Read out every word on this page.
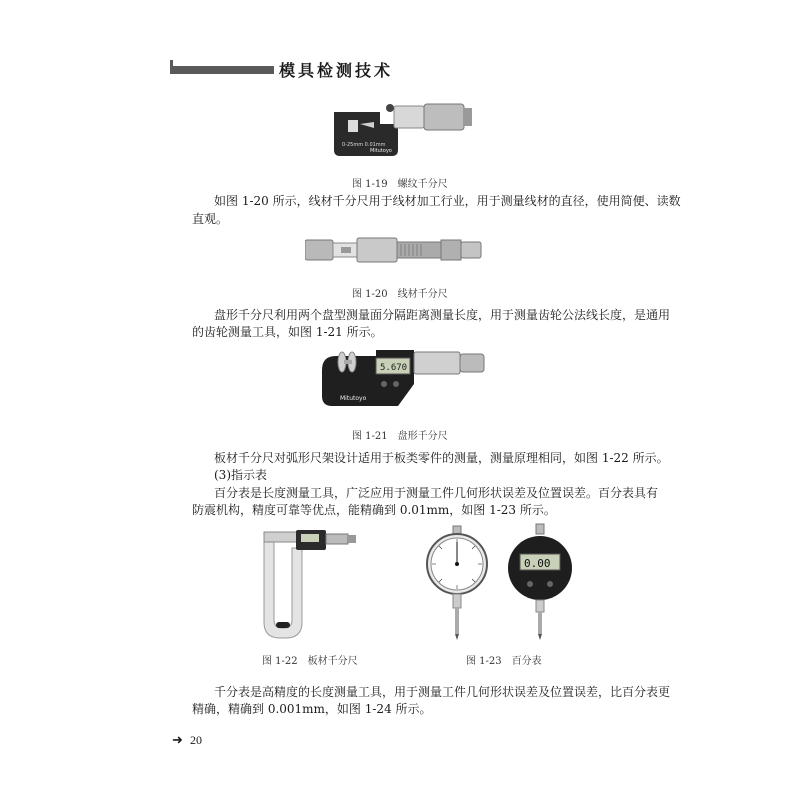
模具检测技术
0-25mm 0.01mm
Mitutoyo
图 1-19　螺纹千分尺
如图 1-20 所示，线材千分尺用于线材加工行业，用于测量线材的直径，使用简便、读数
直观。
图 1-20　线材千分尺
盘形千分尺利用两个盘型测量面分隔距离测量长度，用于测量齿轮公法线长度，是通用
的齿轮测量工具，如图 1-21 所示。
5.670
Mitutoyo
图 1-21　盘形千分尺
板材千分尺对弧形尺架设计适用于板类零件的测量，测量原理相同，如图 1-22 所示。
(3)指示表
百分表是长度测量工具，广泛应用于测量工件几何形状误差及位置误差。百分表具有
防震机构，精度可靠等优点，能精确到 0.01mm，如图 1-23 所示。
图 1-22　板材千分尺
0.00
图 1-23　百分表
千分表是高精度的长度测量工具，用于测量工件几何形状误差及位置误差，比百分表更
精确，精确到 0.001mm，如图 1-24 所示。
➜ 20
